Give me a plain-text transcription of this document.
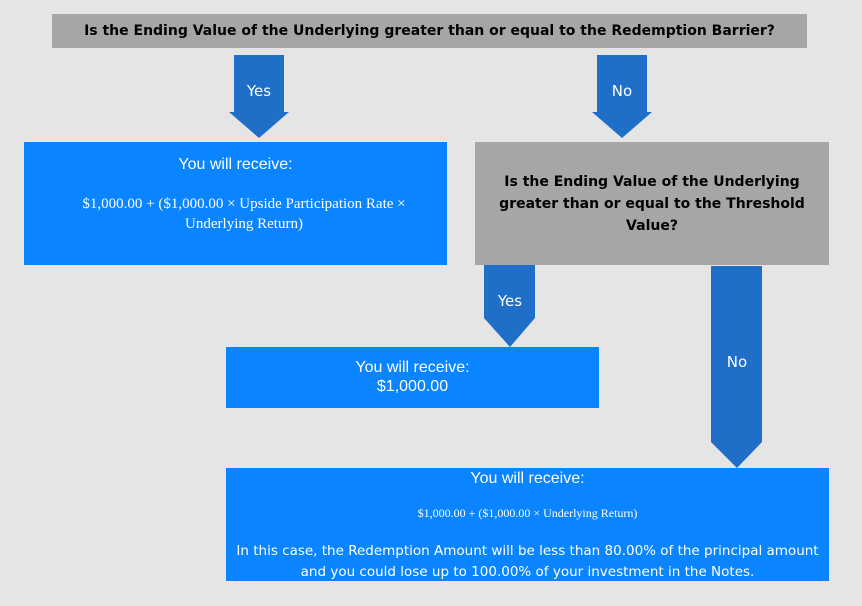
Is the Ending Value of the Underlying greater than or equal to the Redemption Barrier?
Yes	No
You will receive:
$1,000.00 + ($1,000.00 × Upside Participation Rate × Underlying Return)
Is the Ending Value of the Underlying greater than or equal to the Threshold Value?
Yes
No
You will receive:
$1,000.00
You will receive:
$1,000.00 + ($1,000.00 × Underlying Return)
In this case, the Redemption Amount will be less than 80.00% of the principal amount and you could lose up to 100.00% of your investment in the Notes.
